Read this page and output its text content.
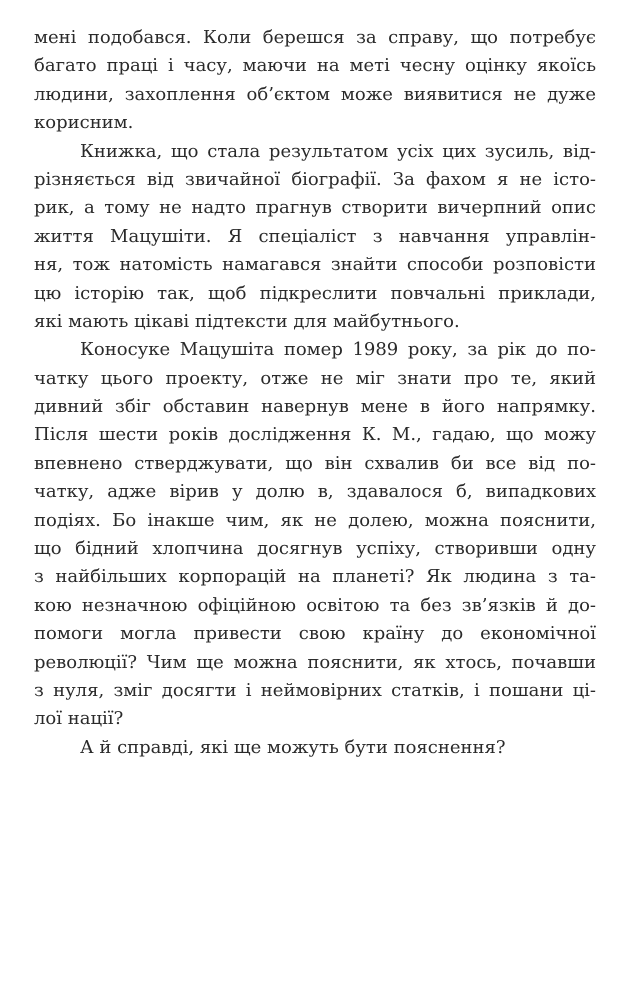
мені подобався. Коли берешся за справу, що потребує
багато праці і часу, маючи на меті чесну оцінку якоїсь
людини, захоплення об’єктом може виявитися не дуже
корисним.
Книжка, що стала результатом усіх цих зусиль, від-
різняється від звичайної біографії. За фахом я не істо-
рик, а тому не надто прагнув створити вичерпний опис
життя Мацушіти. Я спеціаліст з навчання управлін-
ня, тож натомість намагався знайти способи розповісти
цю історію так, щоб підкреслити повчальні приклади,
які мають цікаві підтексти для майбутнього.
Коносуке Мацушіта помер 1989 року, за рік до по-
чатку цього проекту, отже не міг знати про те, який
дивний збіг обставин навернув мене в його напрямку.
Після шести років дослідження К. М., гадаю, що можу
впевнено стверджувати, що він схвалив би все від по-
чатку, адже вірив у долю в, здавалося б, випадкових
подіях. Бо інакше чим, як не долею, можна пояснити,
що бідний хлопчина досягнув успіху, створивши одну
з найбільших корпорацій на планеті? Як людина з та-
кою незначною офіційною освітою та без зв’язків й до-
помоги могла привести свою країну до економічної
революції? Чим ще можна пояснити, як хтось, почавши
з нуля, зміг досягти і неймовірних статків, і пошани ці-
лої нації?
А й справді, які ще можуть бути пояснення?
